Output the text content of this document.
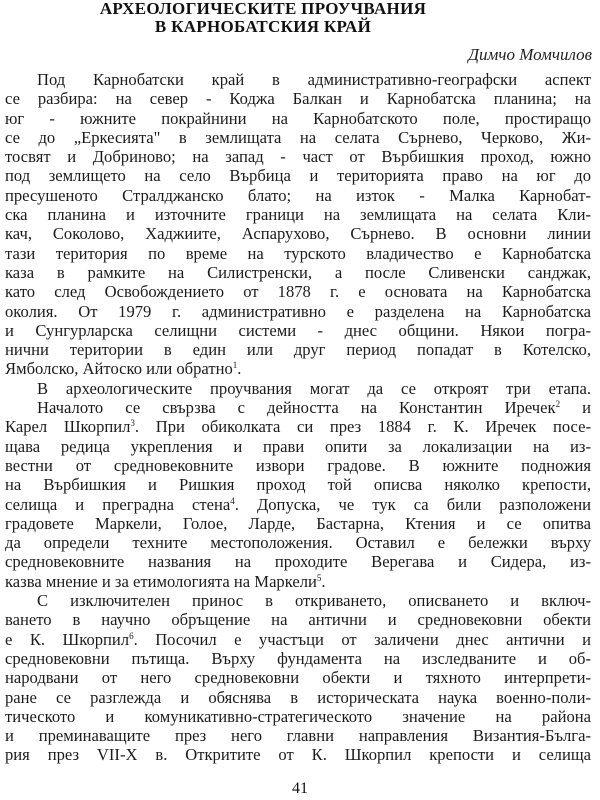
АРХЕОЛОГИЧЕСКИТЕ ПРОУЧВАНИЯ
В КАРНОБАТСКИЯ КРАЙ
Димчо Момчилов
Под Карнобатски край в административно-географски аспект
се разбира: на север - Коджа Балкан и Карнобатска планина; на
юг - южните покрайнини на Карнобатското поле, простиращо
се до „Еркесията" в землищата на селата Сърнево, Черково, Жи-
тосвят и Добриново; на запад - част от Върбишкия проход, южно
под землището на село Върбица и територията право на юг до
пресушеното Стралджанско блато; на изток - Малка Карнобат-
ска планина и източните граници на землищата на селата Кли-
кач, Соколово, Хаджиите, Аспарухово, Сърнево. В основни линии
тази територия по време на турското владичество е Карнобатска
каза в рамките на Силистренски, а после Сливенски санджак,
като след Освобождението от 1878 г. е основата на Карнобатска
околия. От 1979 г. административно е разделена на Карнобатска
и Сунгурларска селищни системи - днес общини. Някои погра-
нични територии в един или друг период попадат в Котелско,
Ямболско, Айтоско или обратно$^1$.
В археологическите проучвания могат да се откроят три етапа.
Началото се свързва с дейността на Константин Иречек$^2$ и
Карел Шкорпил$^3$. При обиколката си през 1884 г. К. Иречек посе-
щава редица укрепления и прави опити за локализации на из-
вестни от средновековните извори градове. В южните подножия
на Върбишкия и Ришкия проход той описва няколко крепости,
селища и преградна стена$^4$. Допуска, че тук са били разположени
градовете Маркели, Голое, Ларде, Бастарна, Ктения и се опитва
да определи техните местоположения. Оставил е бележки върху
средновековните названия на проходите Верегава и Сидера, из-
казва мнение и за етимологията на Маркели$^5$.
С изключителен принос в откриването, описването и включ-
ването в научно обръщение на антични и средновековни обекти
е К. Шкорпил$^6$. Посочил е участъци от заличени днес антични и
средновековни пътища. Върху фундамента на изследваните и об-
народвани от него средновековни обекти и тяхното интерпрети-
ране се разглежда и обяснява в историческата наука военно-поли-
тическото и комуникативно-стратегическото значение на района
и преминаващите през него главни направления Византия-Бълга-
рия през VII-X в. Откритите от К. Шкорпил крепости и селища
41
